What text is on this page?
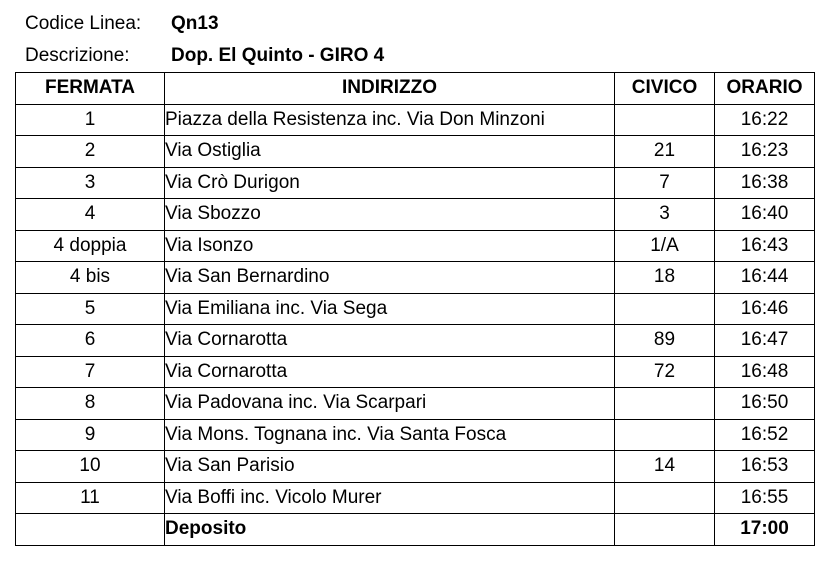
Codice Linea: Qn13
Descrizione: Dop. El Quinto - GIRO 4
FERMATA	INDIRIZZO	CIVICO	ORARIO
1	Piazza della Resistenza inc. Via Don Minzoni		16:22
2	Via Ostiglia	21	16:23
3	Via Crò Durigon	7	16:38
4	Via Sbozzo	3	16:40
4 doppia	Via Isonzo	1/A	16:43
4 bis	Via San Bernardino	18	16:44
5	Via Emiliana inc. Via Sega		16:46
6	Via Cornarotta	89	16:47
7	Via Cornarotta	72	16:48
8	Via Padovana inc. Via Scarpari		16:50
9	Via Mons. Tognana inc. Via Santa Fosca		16:52
10	Via San Parisio	14	16:53
11	Via Boffi inc. Vicolo Murer		16:55
	Deposito		17:00
